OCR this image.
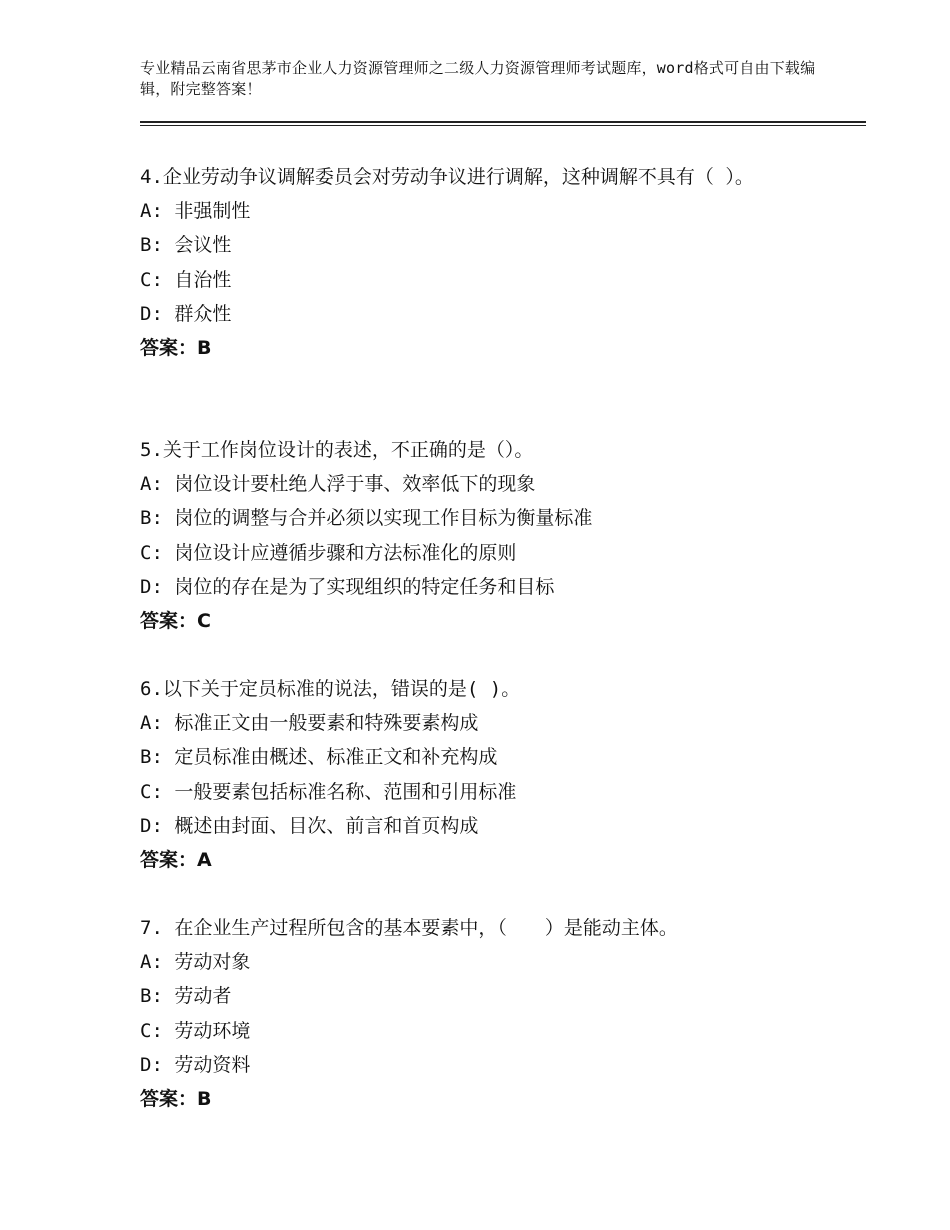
专业精品云南省思茅市企业人力资源管理师之二级人力资源管理师考试题库，word格式可自由下载编辑，附完整答案！

4.企业劳动争议调解委员会对劳动争议进行调解，这种调解不具有（ ）。

A: 非强制性

B: 会议性

C: 自治性

D: 群众性

答案：B

5.关于工作岗位设计的表述，不正确的是（）。

A: 岗位设计要杜绝人浮于事、效率低下的现象

B: 岗位的调整与合并必须以实现工作目标为衡量标准

C: 岗位设计应遵循步骤和方法标准化的原则

D: 岗位的存在是为了实现组织的特定任务和目标

答案：C

6.以下关于定员标准的说法，错误的是( )。

A: 标准正文由一般要素和特殊要素构成

B: 定员标准由概述、标准正文和补充构成

C: 一般要素包括标准名称、范围和引用标准

D: 概述由封面、目次、前言和首页构成

答案：A

7. 在企业生产过程所包含的基本要素中，（　　）是能动主体。

A: 劳动对象

B: 劳动者

C: 劳动环境

D: 劳动资料

答案：B
